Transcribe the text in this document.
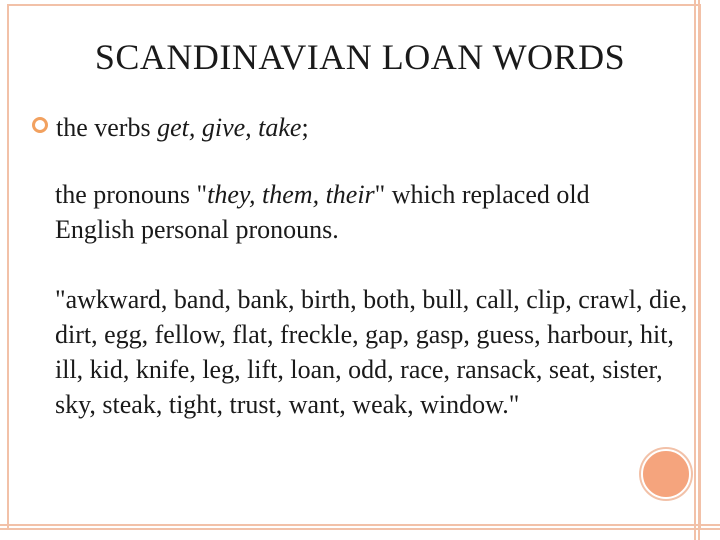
SCANDINAVIAN LOAN WORDS
the verbs get, give, take;
the pronouns "they, them, their" which replaced old English personal pronouns.
"awkward, band, bank, birth, both, bull, call, clip, crawl, die, dirt, egg, fellow, flat, freckle, gap, gasp, guess, harbour, hit, ill, kid, knife, leg, lift, loan, odd, race, ransack, seat, sister, sky, steak, tight, trust, want, weak, window."
